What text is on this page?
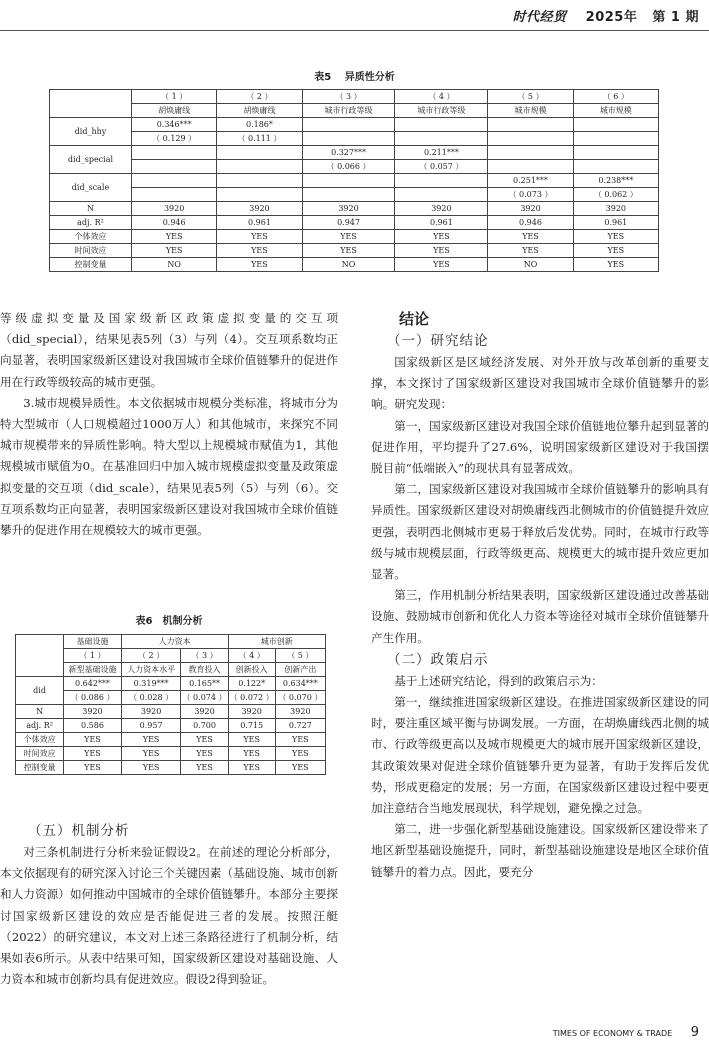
时代经贸 2025年 第 1 期
表5　 异质性分析
	（ 1 ）	（ 2 ）	（ 3 ）	（ 4 ）	（ 5 ）	（ 6 ）
	胡焕庸线	胡焕庸线	城市行政等级	城市行政等级	城市规模	城市规模
did_hhy	0.346***	0.186*				
	（ 0.129 ）	（ 0.111 ）				
did_special			0.327***	0.211***		
			（ 0.066 ）	（ 0.057 ）		
did_scale					0.251***	0.238***
					（ 0.073 ）	（ 0.062 ）
N	3920	3920	3920	3920	3920	3920
adj. R²	0.946	0.961	0.947	0.961	0.946	0.961
个体效应	YES	YES	YES	YES	YES	YES
时间效应	YES	YES	YES	YES	YES	YES
控制变量	NO	YES	NO	YES	NO	YES

等级虚拟变量及国家级新区政策虚拟变量的交互项（did_special），结果见表5列（3）与列（4）。交互项系数均正向显著，表明国家级新区建设对我国城市全球价值链攀升的促进作用在行政等级较高的城市更强。

3.城市规模异质性。本文依据城市规模分类标准，将城市分为特大型城市（人口规模超过1000万人）和其他城市，来探究不同城市规模带来的异质性影响。特大型以上规模城市赋值为1，其他规模城市赋值为0。在基准回归中加入城市规模虚拟变量及政策虚拟变量的交互项（did_scale），结果见表5列（5）与列（6）。交互项系数均正向显著，表明国家级新区建设对我国城市全球价值链攀升的促进作用在规模较大的城市更强。

表6　机制分析
	基础设施	人力资本		城市创新	
	（ 1 ）	（ 2 ）	（ 3 ）	（ 4 ）	（ 5 ）
	新型基础设施	人力资本水平	教育投入	创新投入	创新产出
did	0.642***	0.319***	0.165**	0.122*	0.634***
	（ 0.086 ）	（ 0.028 ）	（ 0.074 ）	（ 0.072 ）	（ 0.070 ）
N	3920	3920	3920	3920	3920
adj. R²	0.586	0.957	0.700	0.715	0.727
个体效应	YES	YES	YES	YES	YES
时间效应	YES	YES	YES	YES	YES
控制变量	YES	YES	YES	YES	YES
（五）机制分析

对三条机制进行分析来验证假设2。在前述的理论分析部分，本文依据现有的研究深入讨论三个关键因素（基础设施、城市创新和人力资源）如何推动中国城市的全球价值链攀升。本部分主要探讨国家级新区建设的效应是否能促进三者的发展。按照汪艇（2022）的研究建议，本文对上述三条路径进行了机制分析，结果如表6所示。从表中结果可知，国家级新区建设对基础设施、人力资本和城市创新均具有促进效应。假设2得到验证。

结论
（一）研究结论

国家级新区是区域经济发展、对外开放与改革创新的重要支撑，本文探讨了国家级新区建设对我国城市全球价值链攀升的影响。研究发现：

第一，国家级新区建设对我国全球价值链地位攀升起到显著的促进作用，平均提升了27.6%，说明国家级新区建设对于我国摆脱目前“低端嵌入”的现状具有显著成效。

第二，国家级新区建设对我国城市全球价值链攀升的影响具有异质性。国家级新区建设对胡焕庸线西北侧城市的价值链提升效应更强，表明西北侧城市更易于释放后发优势。同时，在城市行政等级与城市规模层面，行政等级更高、规模更大的城市提升效应更加显著。

第三，作用机制分析结果表明，国家级新区建设通过改善基础设施、鼓励城市创新和优化人力资本等途径对城市全球价值链攀升产生作用。

（二）政策启示

基于上述研究结论，得到的政策启示为：

第一，继续推进国家级新区建设。在推进国家级新区建设的同时，要注重区域平衡与协调发展。一方面，在胡焕庸线西北侧的城市、行政等级更高以及城市规模更大的城市展开国家级新区建设，其政策效果对促进全球价值链攀升更为显著，有助于发挥后发优势，形成更稳定的发展；另一方面，在国家级新区建设过程中要更加注意结合当地发展现状，科学规划，避免操之过急。

第二，进一步强化新型基础设施建设。国家级新区建设带来了地区新型基础设施提升，同时，新型基础设施建设是地区全球价值链攀升的着力点。因此，要充分

TIMES OF ECONOMY & TRADE 9
